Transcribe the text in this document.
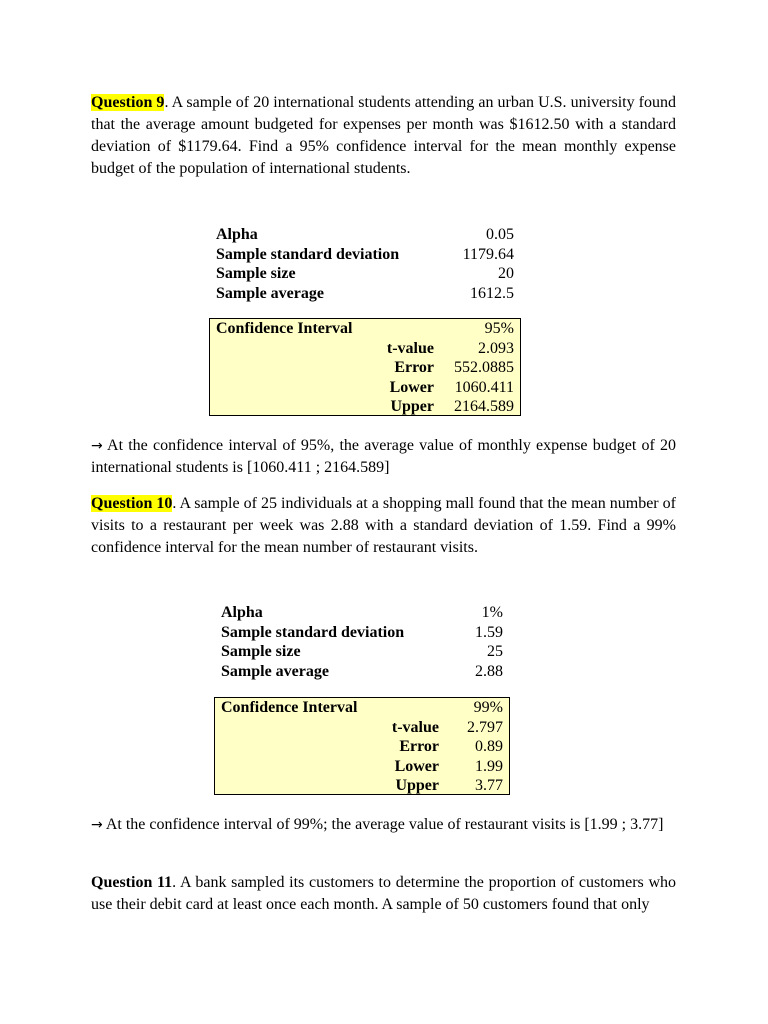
Question 9. A sample of 20 international students attending an urban U.S. university found that the average amount budgeted for expenses per month was $1612.50 with a standard deviation of $1179.64. Find a 95% confidence interval for the mean monthly expense budget of the population of international students.
Alpha	0.05
Sample standard deviation	1179.64
Sample size	20
Sample average	1612.5
Confidence Interval		95%
	t-value	2.093
	Error	552.0885
	Lower	1060.411
	Upper	2164.589
→ At the confidence interval of 95%, the average value of monthly expense budget of 20 international students is [1060.411 ; 2164.589]
Question 10. A sample of 25 individuals at a shopping mall found that the mean number of visits to a restaurant per week was 2.88 with a standard deviation of 1.59. Find a 99% confidence interval for the mean number of restaurant visits.
Alpha	1%
Sample standard deviation	1.59
Sample size	25
Sample average	2.88
Confidence Interval		99%
	t-value	2.797
	Error	0.89
	Lower	1.99
	Upper	3.77
→ At the confidence interval of 99%; the average value of restaurant visits is [1.99 ; 3.77]
Question 11. A bank sampled its customers to determine the proportion of customers who use their debit card at least once each month. A sample of 50 customers found that only
